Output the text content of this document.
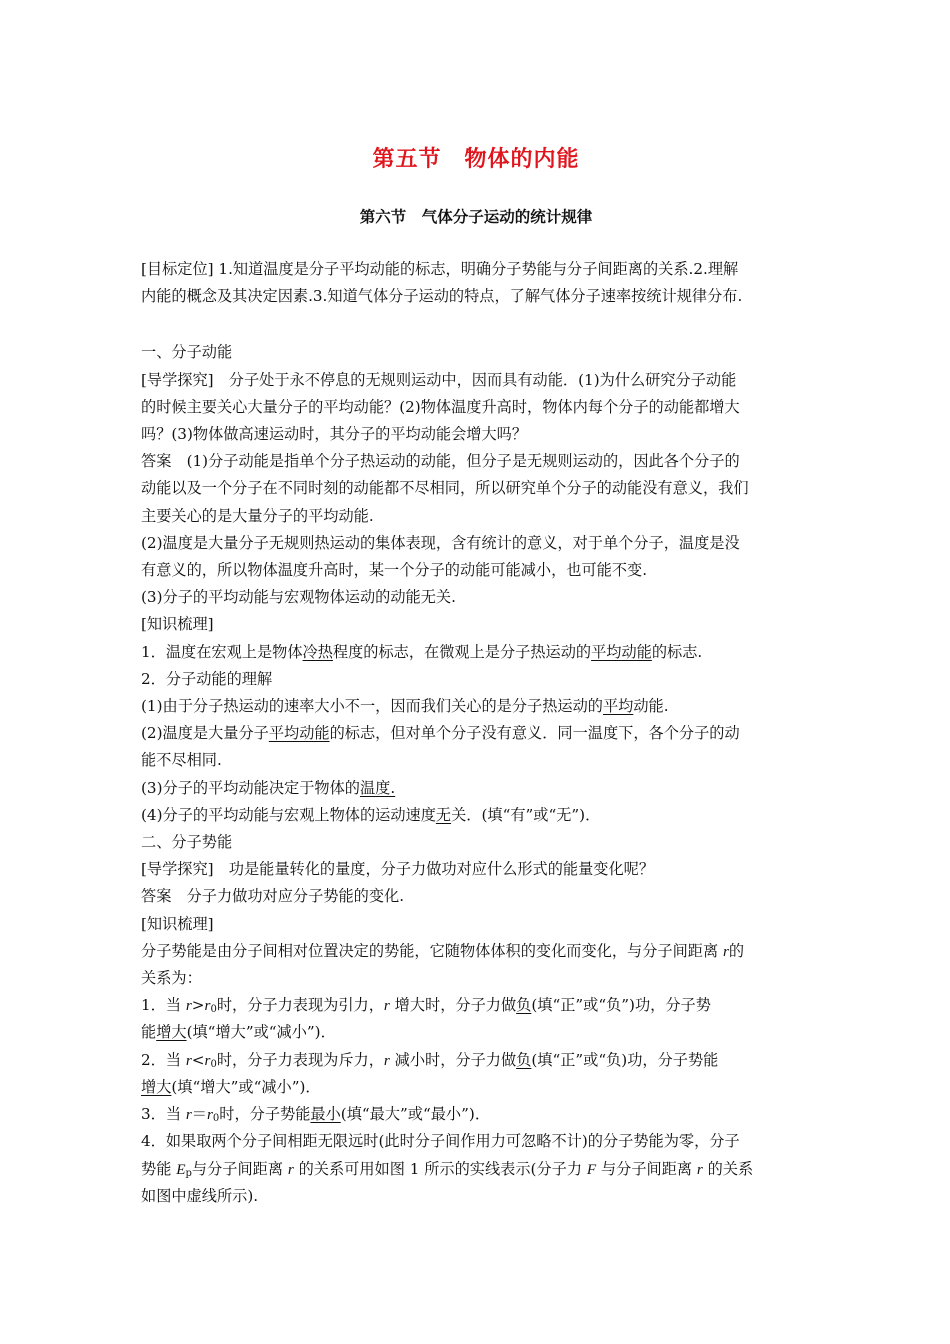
第五节　物体的内能
第六节　气体分子运动的统计规律

[目标定位] 1.知道温度是分子平均动能的标志，明确分子势能与分子间距离的关系.2.理解

内能的概念及其决定因素.3.知道气体分子运动的特点，了解气体分子速率按统计规律分布.

一、分子动能

[导学探究]　分子处于永不停息的无规则运动中，因而具有动能．(1)为什么研究分子动能

的时候主要关心大量分子的平均动能？(2)物体温度升高时，物体内每个分子的动能都增大

吗？(3)物体做高速运动时，其分子的平均动能会增大吗？

答案　(1)分子动能是指单个分子热运动的动能，但分子是无规则运动的，因此各个分子的

动能以及一个分子在不同时刻的动能都不尽相同，所以研究单个分子的动能没有意义，我们

主要关心的是大量分子的平均动能.

(2)温度是大量分子无规则热运动的集体表现，含有统计的意义，对于单个分子，温度是没

有意义的，所以物体温度升高时，某一个分子的动能可能减小，也可能不变.

(3)分子的平均动能与宏观物体运动的动能无关.

[知识梳理]

1．温度在宏观上是物体冷热程度的标志，在微观上是分子热运动的平均动能的标志.

2．分子动能的理解

(1)由于分子热运动的速率大小不一，因而我们关心的是分子热运动的平均动能.

(2)温度是大量分子平均动能的标志，但对单个分子没有意义．同一温度下，各个分子的动

能不尽相同.

(3)分子的平均动能决定于物体的温度.

(4)分子的平均动能与宏观上物体的运动速度无关．(填“有”或“无”)．

二、分子势能

[导学探究]　功是能量转化的量度，分子力做功对应什么形式的能量变化呢？

答案　分子力做功对应分子势能的变化.

[知识梳理]

分子势能是由分子间相对位置决定的势能，它随物体体积的变化而变化，与分子间距离 r的

关系为：

1．当 $r>r_0$时，分子力表现为引力，r 增大时，分子力做负(填“正”或“负”)功，分子势

能增大(填“增大”或“减小”)．

2．当 $r<r_0$时，分子力表现为斥力，r 减小时，分子力做负(填“正”或“负)功，分子势能

增大(填“增大”或“减小”)．

3．当 $r=r_0$时，分子势能最小(填“最大”或“最小”)．

4．如果取两个分子间相距无限远时(此时分子间作用力可忽略不计)的分子势能为零，分子

势能 $E_p$与分子间距离 r 的关系可用如图 1 所示的实线表示(分子力 F 与分子间距离 r 的关系

如图中虚线所示).
